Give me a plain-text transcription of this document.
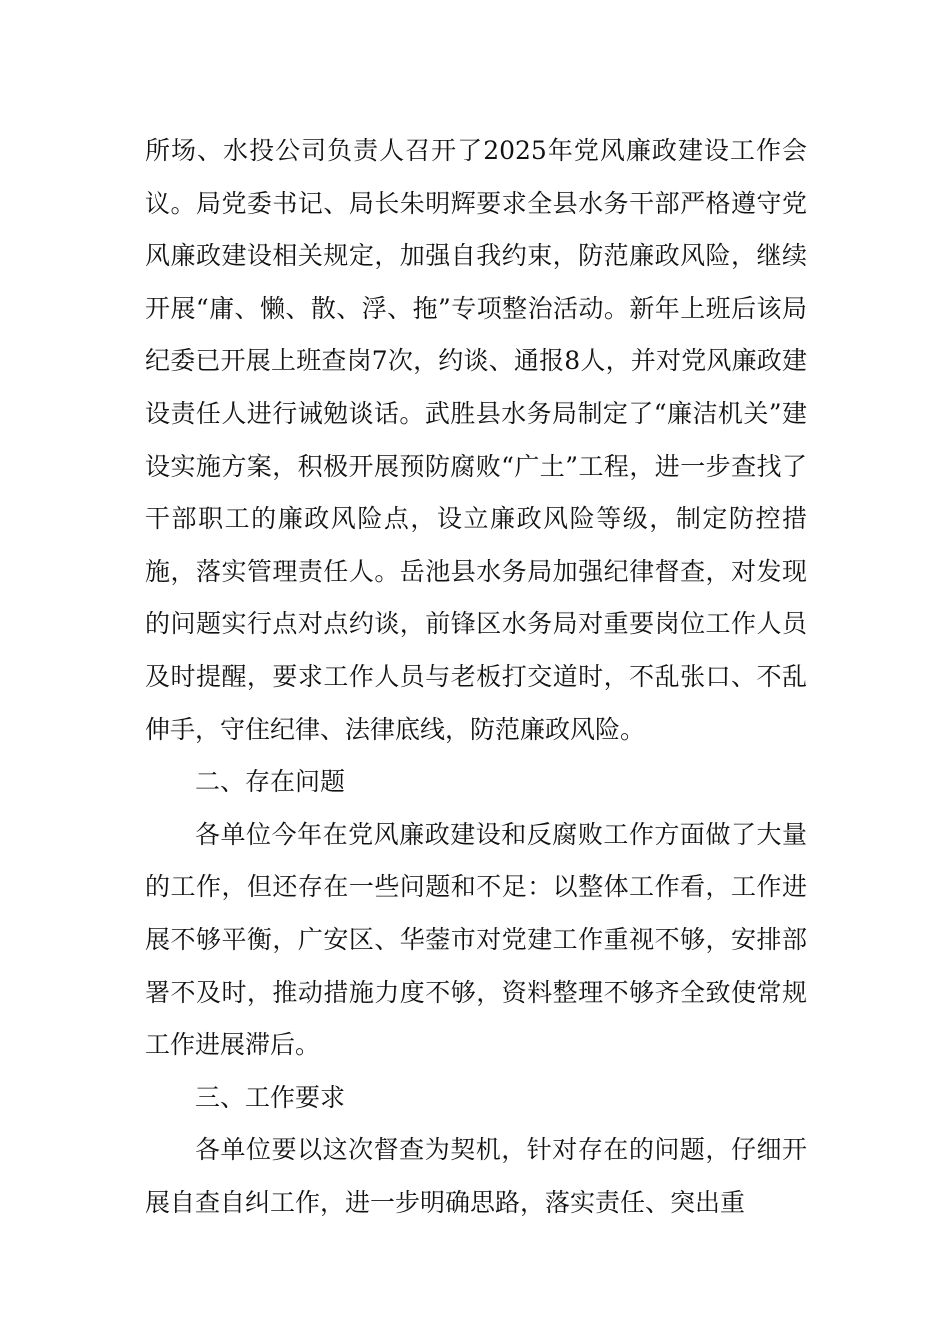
所场、水投公司负责人召开了2025年党风廉政建设工作会议。局党委书记、局长朱明辉要求全县水务干部严格遵守党风廉政建设相关规定，加强自我约束，防范廉政风险，继续开展“庸、懒、散、浮、拖”专项整治活动。新年上班后该局纪委已开展上班查岗7次，约谈、通报8人，并对党风廉政建设责任人进行诫勉谈话。武胜县水务局制定了“廉洁机关”建设实施方案，积极开展预防腐败“广土”工程，进一步查找了干部职工的廉政风险点，设立廉政风险等级，制定防控措施，落实管理责任人。岳池县水务局加强纪律督查，对发现的问题实行点对点约谈，前锋区水务局对重要岗位工作人员及时提醒，要求工作人员与老板打交道时，不乱张口、不乱伸手，守住纪律、法律底线，防范廉政风险。

二、存在问题

各单位今年在党风廉政建设和反腐败工作方面做了大量的工作，但还存在一些问题和不足：以整体工作看，工作进展不够平衡，广安区、华蓥市对党建工作重视不够，安排部署不及时，推动措施力度不够，资料整理不够齐全致使常规工作进展滞后。

三、工作要求

各单位要以这次督查为契机，针对存在的问题，仔细开展自查自纠工作，进一步明确思路，落实责任、突出重
